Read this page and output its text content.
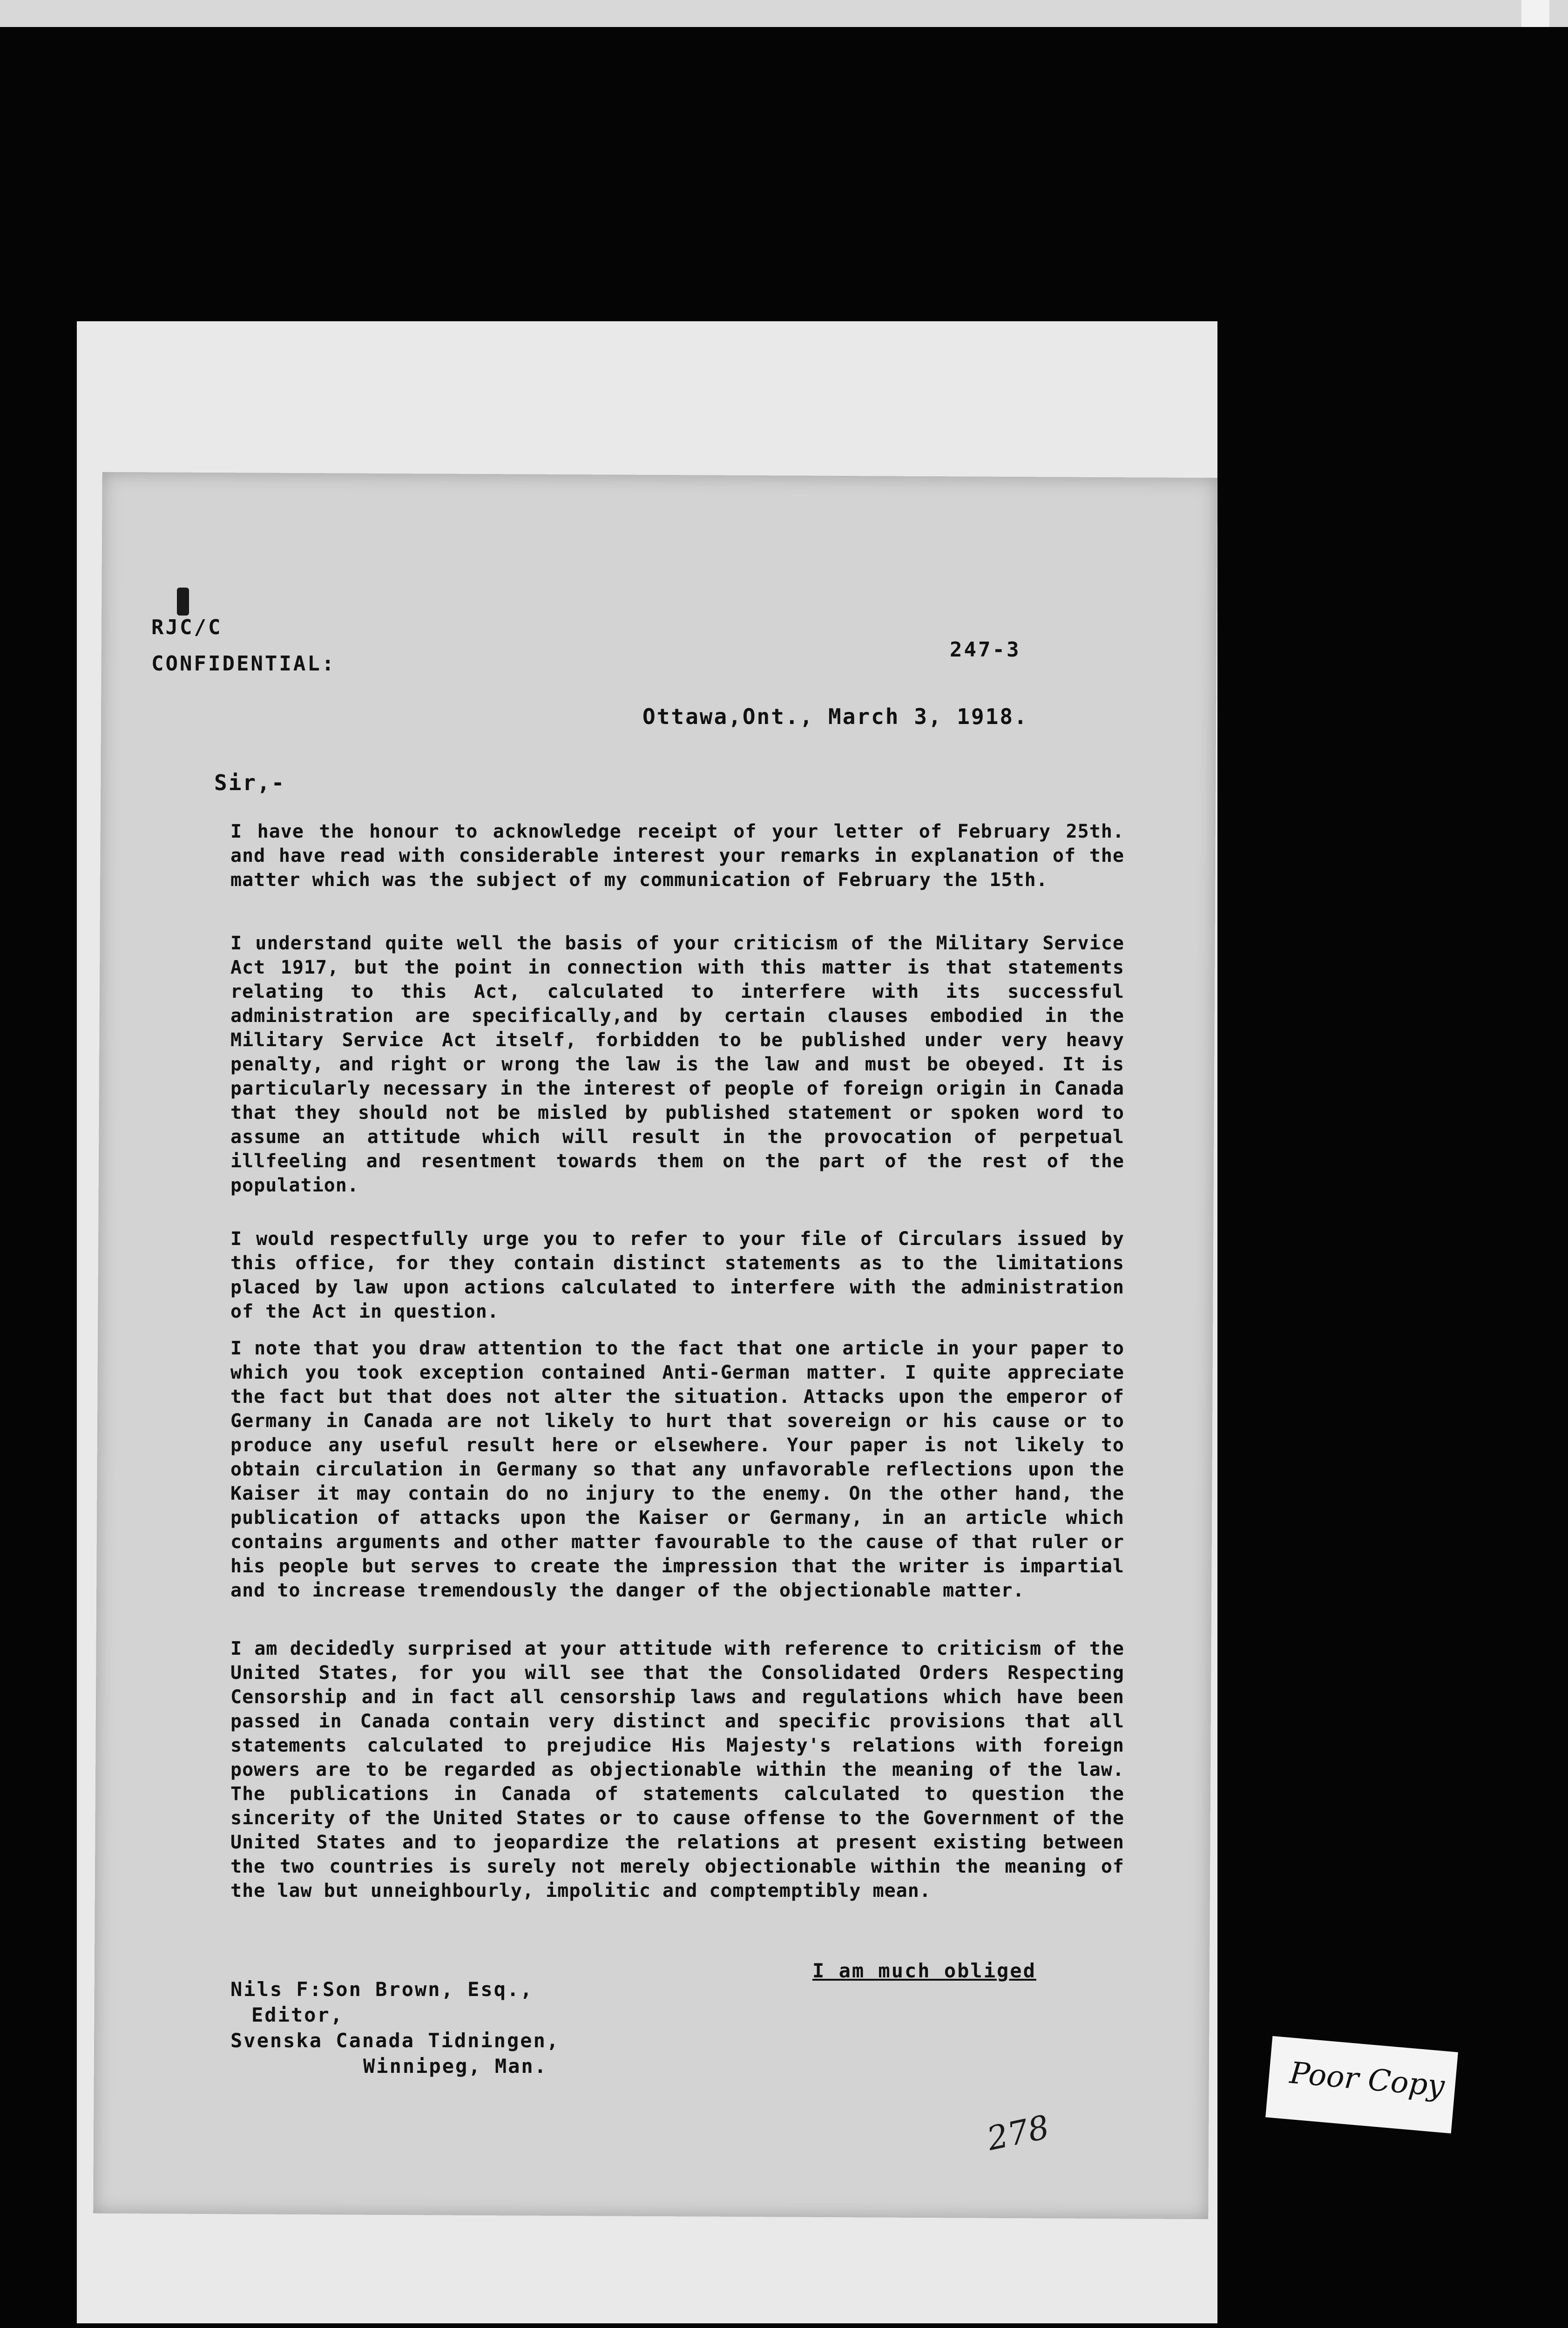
RJC/C
CONFIDENTIAL:
247-3
Ottawa,Ont., March 3, 1918.
Sir,-
I have the honour to acknowledge receipt of your letter of February 25th. and have read with considerable interest your remarks in explanation of the matter which was the subject of my communication of February the 15th.
I understand quite well the basis of your criticism of the Military Service Act 1917, but the point in connection with this matter is that statements relating to this Act, calculated to interfere with its successful administration are specifically,and by certain clauses embodied in the Military Service Act itself, forbidden to be published under very heavy penalty, and right or wrong the law is the law and must be obeyed. It is particularly necessary in the interest of people of foreign origin in Canada that they should not be misled by published statement or spoken word to assume an attitude which will result in the provocation of perpetual illfeeling and resentment towards them on the part of the rest of the population.
I would respectfully urge you to refer to your file of Circulars issued by this office, for they contain distinct statements as to the limitations placed by law upon actions calculated to interfere with the administration of the Act in question.
I note that you draw attention to the fact that one article in your paper to which you took exception contained Anti-German matter. I quite appreciate the fact but that does not alter the situation. Attacks upon the emperor of Germany in Canada are not likely to hurt that sovereign or his cause or to produce any useful result here or elsewhere. Your paper is not likely to obtain circulation in Germany so that any unfavorable reflections upon the Kaiser it may contain do no injury to the enemy. On the other hand, the publication of attacks upon the Kaiser or Germany, in an article which contains arguments and other matter favourable to the cause of that ruler or his people but serves to create the impression that the writer is impartial and to increase tremendously the danger of the objectionable matter.
I am decidedly surprised at your attitude with reference to criticism of the United States, for you will see that the Consolidated Orders Respecting Censorship and in fact all censorship laws and regulations which have been passed in Canada contain very distinct and specific provisions that all statements calculated to prejudice His Majesty's relations with foreign powers are to be regarded as objectionable within the meaning of the law. The publications in Canada of statements calculated to question the sincerity of the United States or to cause offense to the Government of the United States and to jeopardize the relations at present existing between the two countries is surely not merely objectionable within the meaning of the law but unneighbourly, impolitic and comptemptibly mean.
I am much obliged
Nils F:Son Brown, Esq.,
Editor,
Svenska Canada Tidningen,
Winnipeg, Man.
278
Poor Copy
